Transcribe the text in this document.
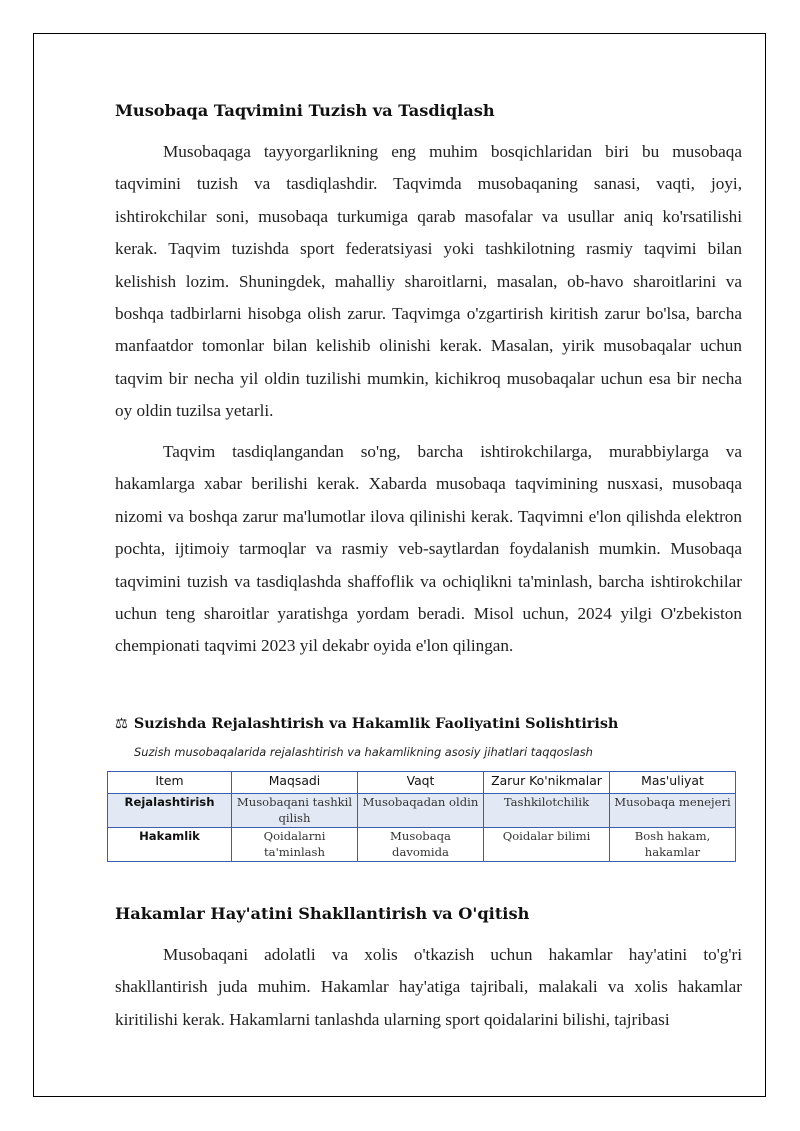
Musobaqa Taqvimini Tuzish va Tasdiqlash

Musobaqaga tayyorgarlikning eng muhim bosqichlaridan biri bu musobaqa taqvimini tuzish va tasdiqlashdir. Taqvimda musobaqaning sanasi, vaqti, joyi, ishtirokchilar soni, musobaqa turkumiga qarab masofalar va usullar aniq ko'rsatilishi kerak. Taqvim tuzishda sport federatsiyasi yoki tashkilotning rasmiy taqvimi bilan kelishish lozim. Shuningdek, mahalliy sharoitlarni, masalan, ob-havo sharoitlarini va boshqa tadbirlarni hisobga olish zarur. Taqvimga o'zgartirish kiritish zarur bo'lsa, barcha manfaatdor tomonlar bilan kelishib olinishi kerak. Masalan, yirik musobaqalar uchun taqvim bir necha yil oldin tuzilishi mumkin, kichikroq musobaqalar uchun esa bir necha oy oldin tuzilsa yetarli.

Taqvim tasdiqlangandan so'ng, barcha ishtirokchilarga, murabbiylarga va hakamlarga xabar berilishi kerak. Xabarda musobaqa taqvimining nusxasi, musobaqa nizomi va boshqa zarur ma'lumotlar ilova qilinishi kerak. Taqvimni e'lon qilishda elektron pochta, ijtimoiy tarmoqlar va rasmiy veb-saytlardan foydalanish mumkin. Musobaqa taqvimini tuzish va tasdiqlashda shaffoflik va ochiqlikni ta'minlash, barcha ishtirokchilar uchun teng sharoitlar yaratishga yordam beradi. Misol uchun, 2024 yilgi O'zbekiston chempionati taqvimi 2023 yil dekabr oyida e'lon qilingan.

⚖ Suzishda Rejalashtirish va Hakamlik Faoliyatini Solishtirish
Suzish musobaqalarida rejalashtirish va hakamlikning asosiy jihatlari taqqoslash
Item	Maqsadi	Vaqt	Zarur Ko'nikmalar	Mas'uliyat
Rejalashtirish	Musobaqani tashkil qilish	Musobaqadan oldin	Tashkilotchilik	Musobaqa menejeri
Hakamlik	Qoidalarni ta'minlash	Musobaqa davomida	Qoidalar bilimi	Bosh hakam, hakamlar
Hakamlar Hay'atini Shakllantirish va O'qitish

Musobaqani adolatli va xolis o'tkazish uchun hakamlar hay'atini to'g'ri shakllantirish juda muhim. Hakamlar hay'atiga tajribali, malakali va xolis hakamlar kiritilishi kerak. Hakamlarni tanlashda ularning sport qoidalarini bilishi, tajribasi
